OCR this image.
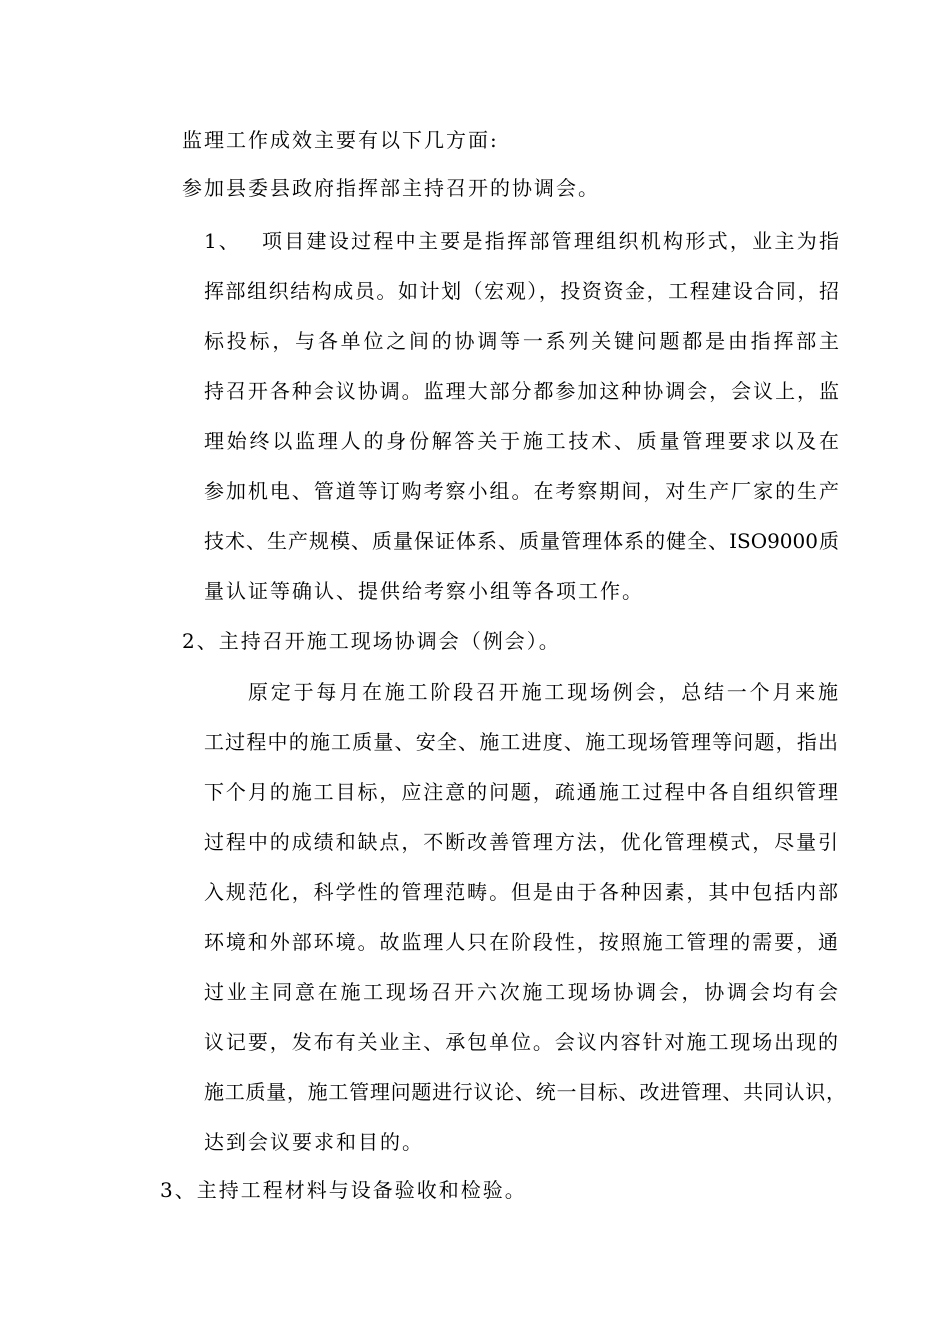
监理工作成效主要有以下几方面:
参加县委县政府指挥部主持召开的协调会。
1、 项目建设过程中主要是指挥部管理组织机构形式，业主为指
挥部组织结构成员。如计划（宏观），投资资金，工程建设合同，招
标投标，与各单位之间的协调等一系列关键问题都是由指挥部主
持召开各种会议协调。监理大部分都参加这种协调会，会议上，监
理始终以监理人的身份解答关于施工技术、质量管理要求以及在
参加机电、管道等订购考察小组。在考察期间，对生产厂家的生产
技术、生产规模、质量保证体系、质量管理体系的健全、ISO9000质
量认证等确认、提供给考察小组等各项工作。
2、主持召开施工现场协调会（例会）。
原定于每月在施工阶段召开施工现场例会，总结一个月来施
工过程中的施工质量、安全、施工进度、施工现场管理等问题，指出
下个月的施工目标，应注意的问题，疏通施工过程中各自组织管理
过程中的成绩和缺点，不断改善管理方法，优化管理模式，尽量引
入规范化，科学性的管理范畴。但是由于各种因素，其中包括内部
环境和外部环境。故监理人只在阶段性，按照施工管理的需要，通
过业主同意在施工现场召开六次施工现场协调会，协调会均有会
议记要，发布有关业主、承包单位。会议内容针对施工现场出现的
施工质量，施工管理问题进行议论、统一目标、改进管理、共同认识，
达到会议要求和目的。
3、主持工程材料与设备验收和检验。
